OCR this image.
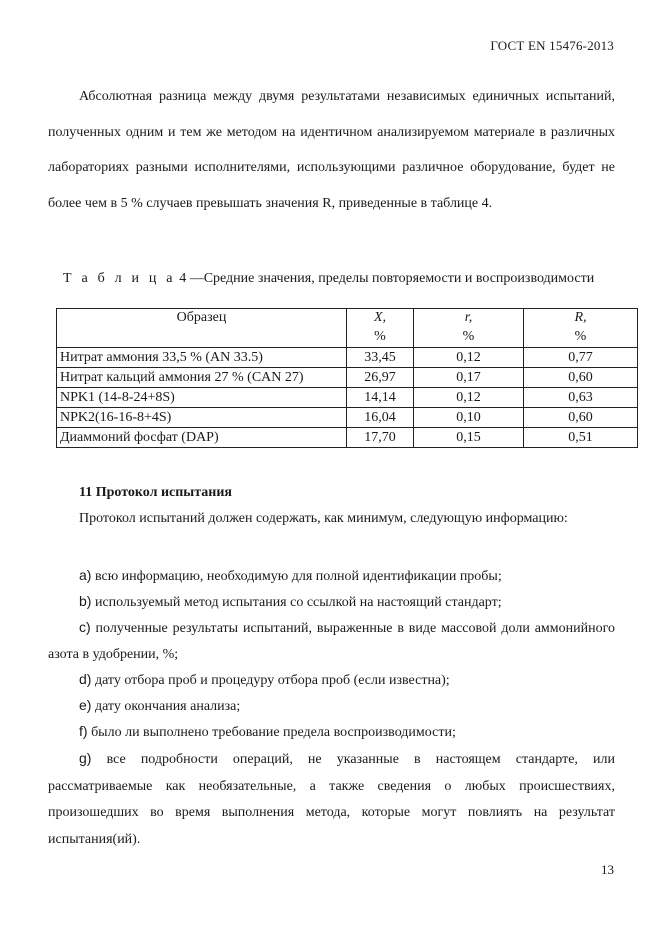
ГОСТ EN 15476-2013

Абсолютная разница между двумя результатами независимых единичных испытаний, полученных одним и тем же методом на идентичном анализируемом материале в различных лабораториях разными исполнителями, использующими различное оборудование, будет не более чем в 5 % случаев превышать значения R, приведенные в таблице 4.

Т а б л и ц а 4 —Средние значения, пределы повторяемости и воспроизводимости
Образец	X,	r,	R,
	%	%	%
Нитрат аммония 33,5 % (AN 33.5)	33,45	0,12	0,77
Нитрат кальций аммония 27 % (CAN 27)	26,97	0,17	0,60
NPK1 (14-8-24+8S)	14,14	0,12	0,63
NPK2(16-16-8+4S)	16,04	0,10	0,60
Диаммоний фосфат (DAP)	17,70	0,15	0,51
11 Протокол испытания

Протокол испытаний должен содержать, как минимум, следующую информацию:

a) всю информацию, необходимую для полной идентификации пробы;

b) используемый метод испытания со ссылкой на настоящий стандарт;

c) полученные результаты испытаний, выраженные в виде массовой доли аммонийного азота в удобрении, %;

d) дату отбора проб и процедуру отбора проб (если известна);

e) дату окончания анализа;

f) было ли выполнено требование предела воспроизводимости;

g) все подробности операций, не указанные в настоящем стандарте, или рассматриваемые как необязательные, а также сведения о любых происшествиях, произошедших во время выполнения метода, которые могут повлиять на результат испытания(ий).

13
